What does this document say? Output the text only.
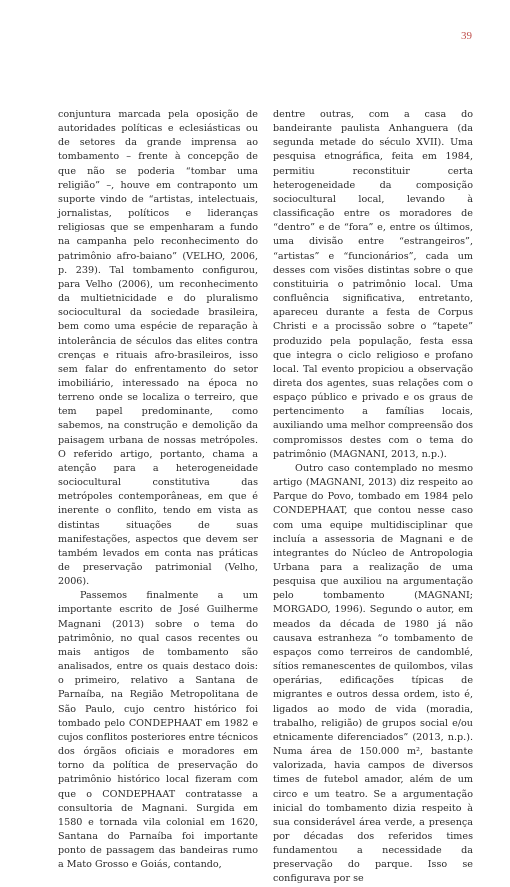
39

conjuntura marcada pela oposição de autoridades políticas e eclesiásticas ou de setores da grande imprensa ao tombamento – frente à concepção de que não se poderia “tombar uma religião” –, houve em contraponto um suporte vindo de “artistas, intelectuais, jornalistas, políticos e lideranças religiosas que se empenharam a fundo na campanha pelo reconhecimento do patrimônio afro-baiano” (VELHO, 2006, p. 239). Tal tombamento configurou, para Velho (2006), um reconhecimento da multietnicidade e do pluralismo sociocultural da sociedade brasileira, bem como uma espécie de reparação à intolerância de séculos das elites contra crenças e rituais afro-brasileiros, isso sem falar do enfrentamento do setor imobiliário, interessado na época no terreno onde se localiza o terreiro, que tem papel predominante, como sabemos, na construção e demolição da paisagem urbana de nossas metrópoles. O referido artigo, portanto, chama a atenção para a heterogeneidade sociocultural constitutiva das metrópoles contemporâneas, em que é inerente o conflito, tendo em vista as distintas situações de suas manifestações, aspectos que devem ser também levados em conta nas práticas de preservação patrimonial (Velho, 2006).

Passemos finalmente a um importante escrito de José Guilherme Magnani (2013) sobre o tema do patrimônio, no qual casos recentes ou mais antigos de tombamento são analisados, entre os quais destaco dois: o primeiro, relativo a Santana de Parnaíba, na Região Metropolitana de São Paulo, cujo centro histórico foi tombado pelo CONDEPHAAT em 1982 e cujos conflitos posteriores entre técnicos dos órgãos oficiais e moradores em torno da política de preservação do patrimônio histórico local fizeram com que o CONDEPHAAT contratasse a consultoria de Magnani. Surgida em 1580 e tornada vila colonial em 1620, Santana do Parnaíba foi importante ponto de passagem das bandeiras rumo a Mato Grosso e Goiás, contando,

dentre outras, com a casa do bandeirante paulista Anhanguera (da segunda metade do século XVII). Uma pesquisa etnográfica, feita em 1984, permitiu reconstituir certa heterogeneidade da composição sociocultural local, levando à classificação entre os moradores de “dentro” e de “fora” e, entre os últimos, uma divisão entre “estrangeiros”, “artistas” e “funcionários”, cada um desses com visões distintas sobre o que constituiria o patrimônio local. Uma confluência significativa, entretanto, apareceu durante a festa de Corpus Christi e a procissão sobre o “tapete” produzido pela população, festa essa que integra o ciclo religioso e profano local. Tal evento propiciou a observação direta dos agentes, suas relações com o espaço público e privado e os graus de pertencimento a famílias locais, auxiliando uma melhor compreensão dos compromissos destes com o tema do patrimônio (MAGNANI, 2013, n.p.).

Outro caso contemplado no mesmo artigo (MAGNANI, 2013) diz respeito ao Parque do Povo, tombado em 1984 pelo CONDEPHAAT, que contou nesse caso com uma equipe multidisciplinar que incluía a assessoria de Magnani e de integrantes do Núcleo de Antropologia Urbana para a realização de uma pesquisa que auxiliou na argumentação pelo tombamento (MAGNANI; MORGADO, 1996). Segundo o autor, em meados da década de 1980 já não causava estranheza “o tombamento de espaços como terreiros de candomblé, sítios remanescentes de quilombos, vilas operárias, edificações típicas de migrantes e outros dessa ordem, isto é, ligados ao modo de vida (moradia, trabalho, religião) de grupos social e/ou etnicamente diferenciados” (2013, n.p.). Numa área de 150.000 m², bastante valorizada, havia campos de diversos times de futebol amador, além de um circo e um teatro. Se a argumentação inicial do tombamento dizia respeito à sua considerável área verde, a presença por décadas dos referidos times fundamentou a necessidade da preservação do parque. Isso se configurava por se
